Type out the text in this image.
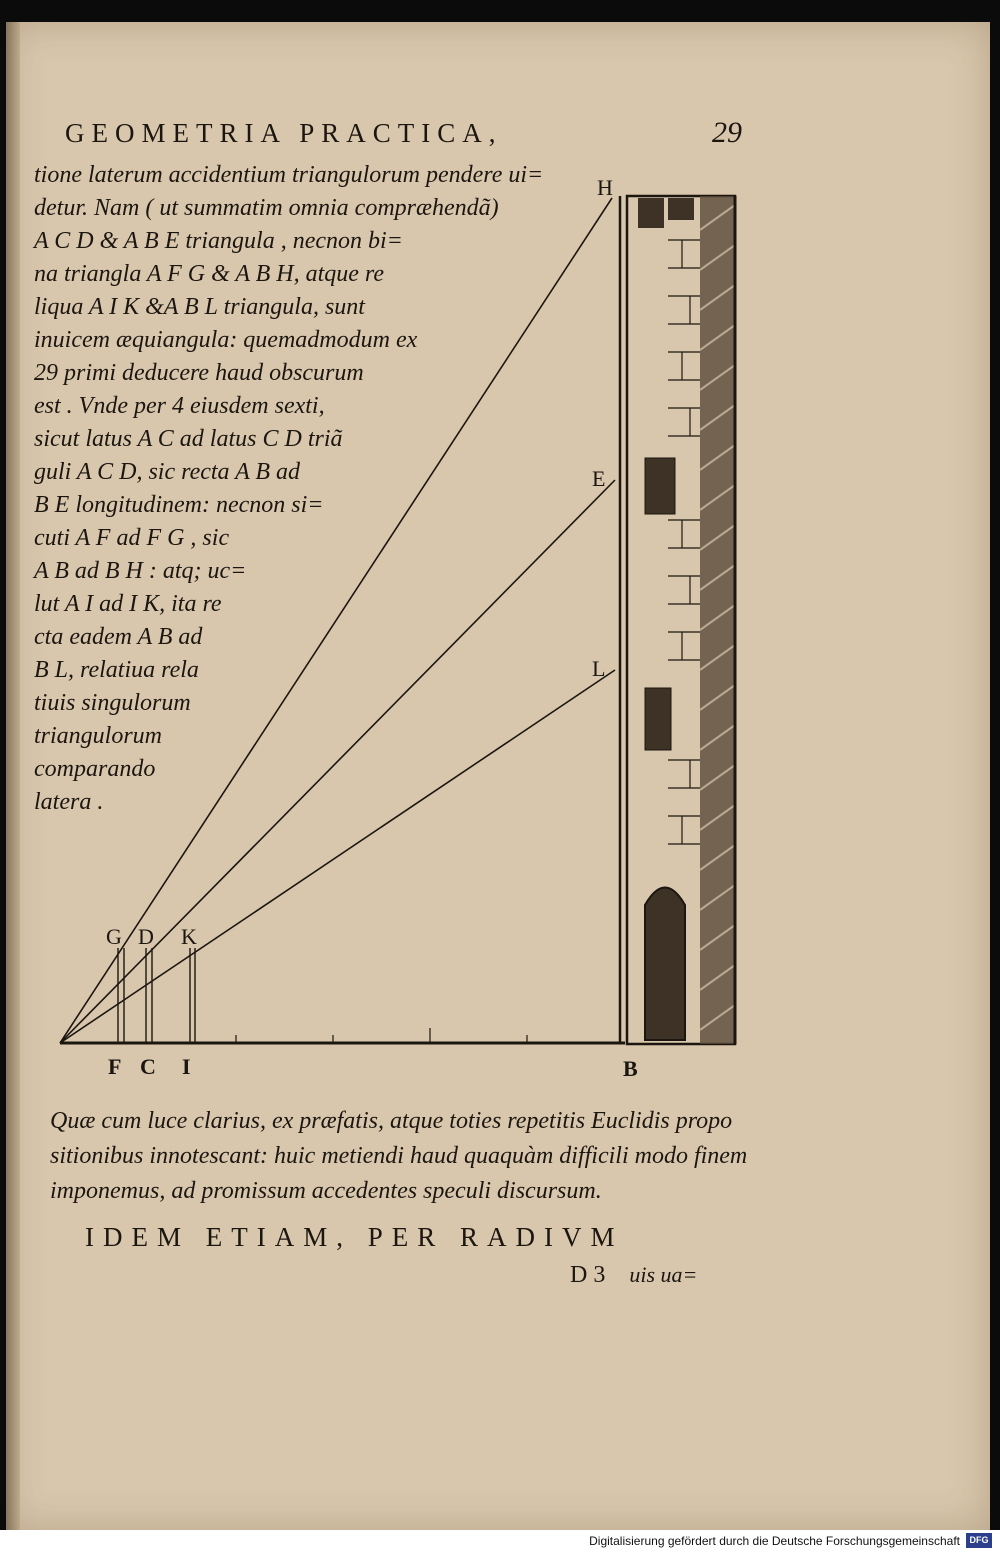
GEOMETRIA PRACTICA,	29
tione laterum accidentium triangulorum pendere ui=
detur. Nam ( ut summatim omnia compræhendã)
A C D & A B E triangula , necnon bi=
na triangla A F G & A B H, atque re
liqua A I K &A B L triangula, sunt
inuicem æquiangula: quemadmodum ex
29 primi deducere haud obscurum
est . Vnde per 4 eiusdem sexti,
sicut latus A C ad latus C D triã
guli A C D, sic recta A B ad
B E longitudinem: necnon si=
cuti A F ad F G , sic
A B ad B H : atq; uc=
lut A I ad I K, ita re
cta eadem A B ad
B L, relatiua rela
tiuis singulorum
triangulorum
comparando
latera .
H
E
L
B
G D K
F C I
Quæ cum luce clarius, ex præfatis, atque toties repetitis Euclidis propo
sitionibus innotescant: huic metiendi haud quaquàm difficili modo finem
imponemus, ad promissum accedentes speculi discursum.
IDEM ETIAM, PER RADIVM
D 3 uis ua=
Digitalisierung gefördert durch die Deutsche Forschungsgemeinschaft	DFG
